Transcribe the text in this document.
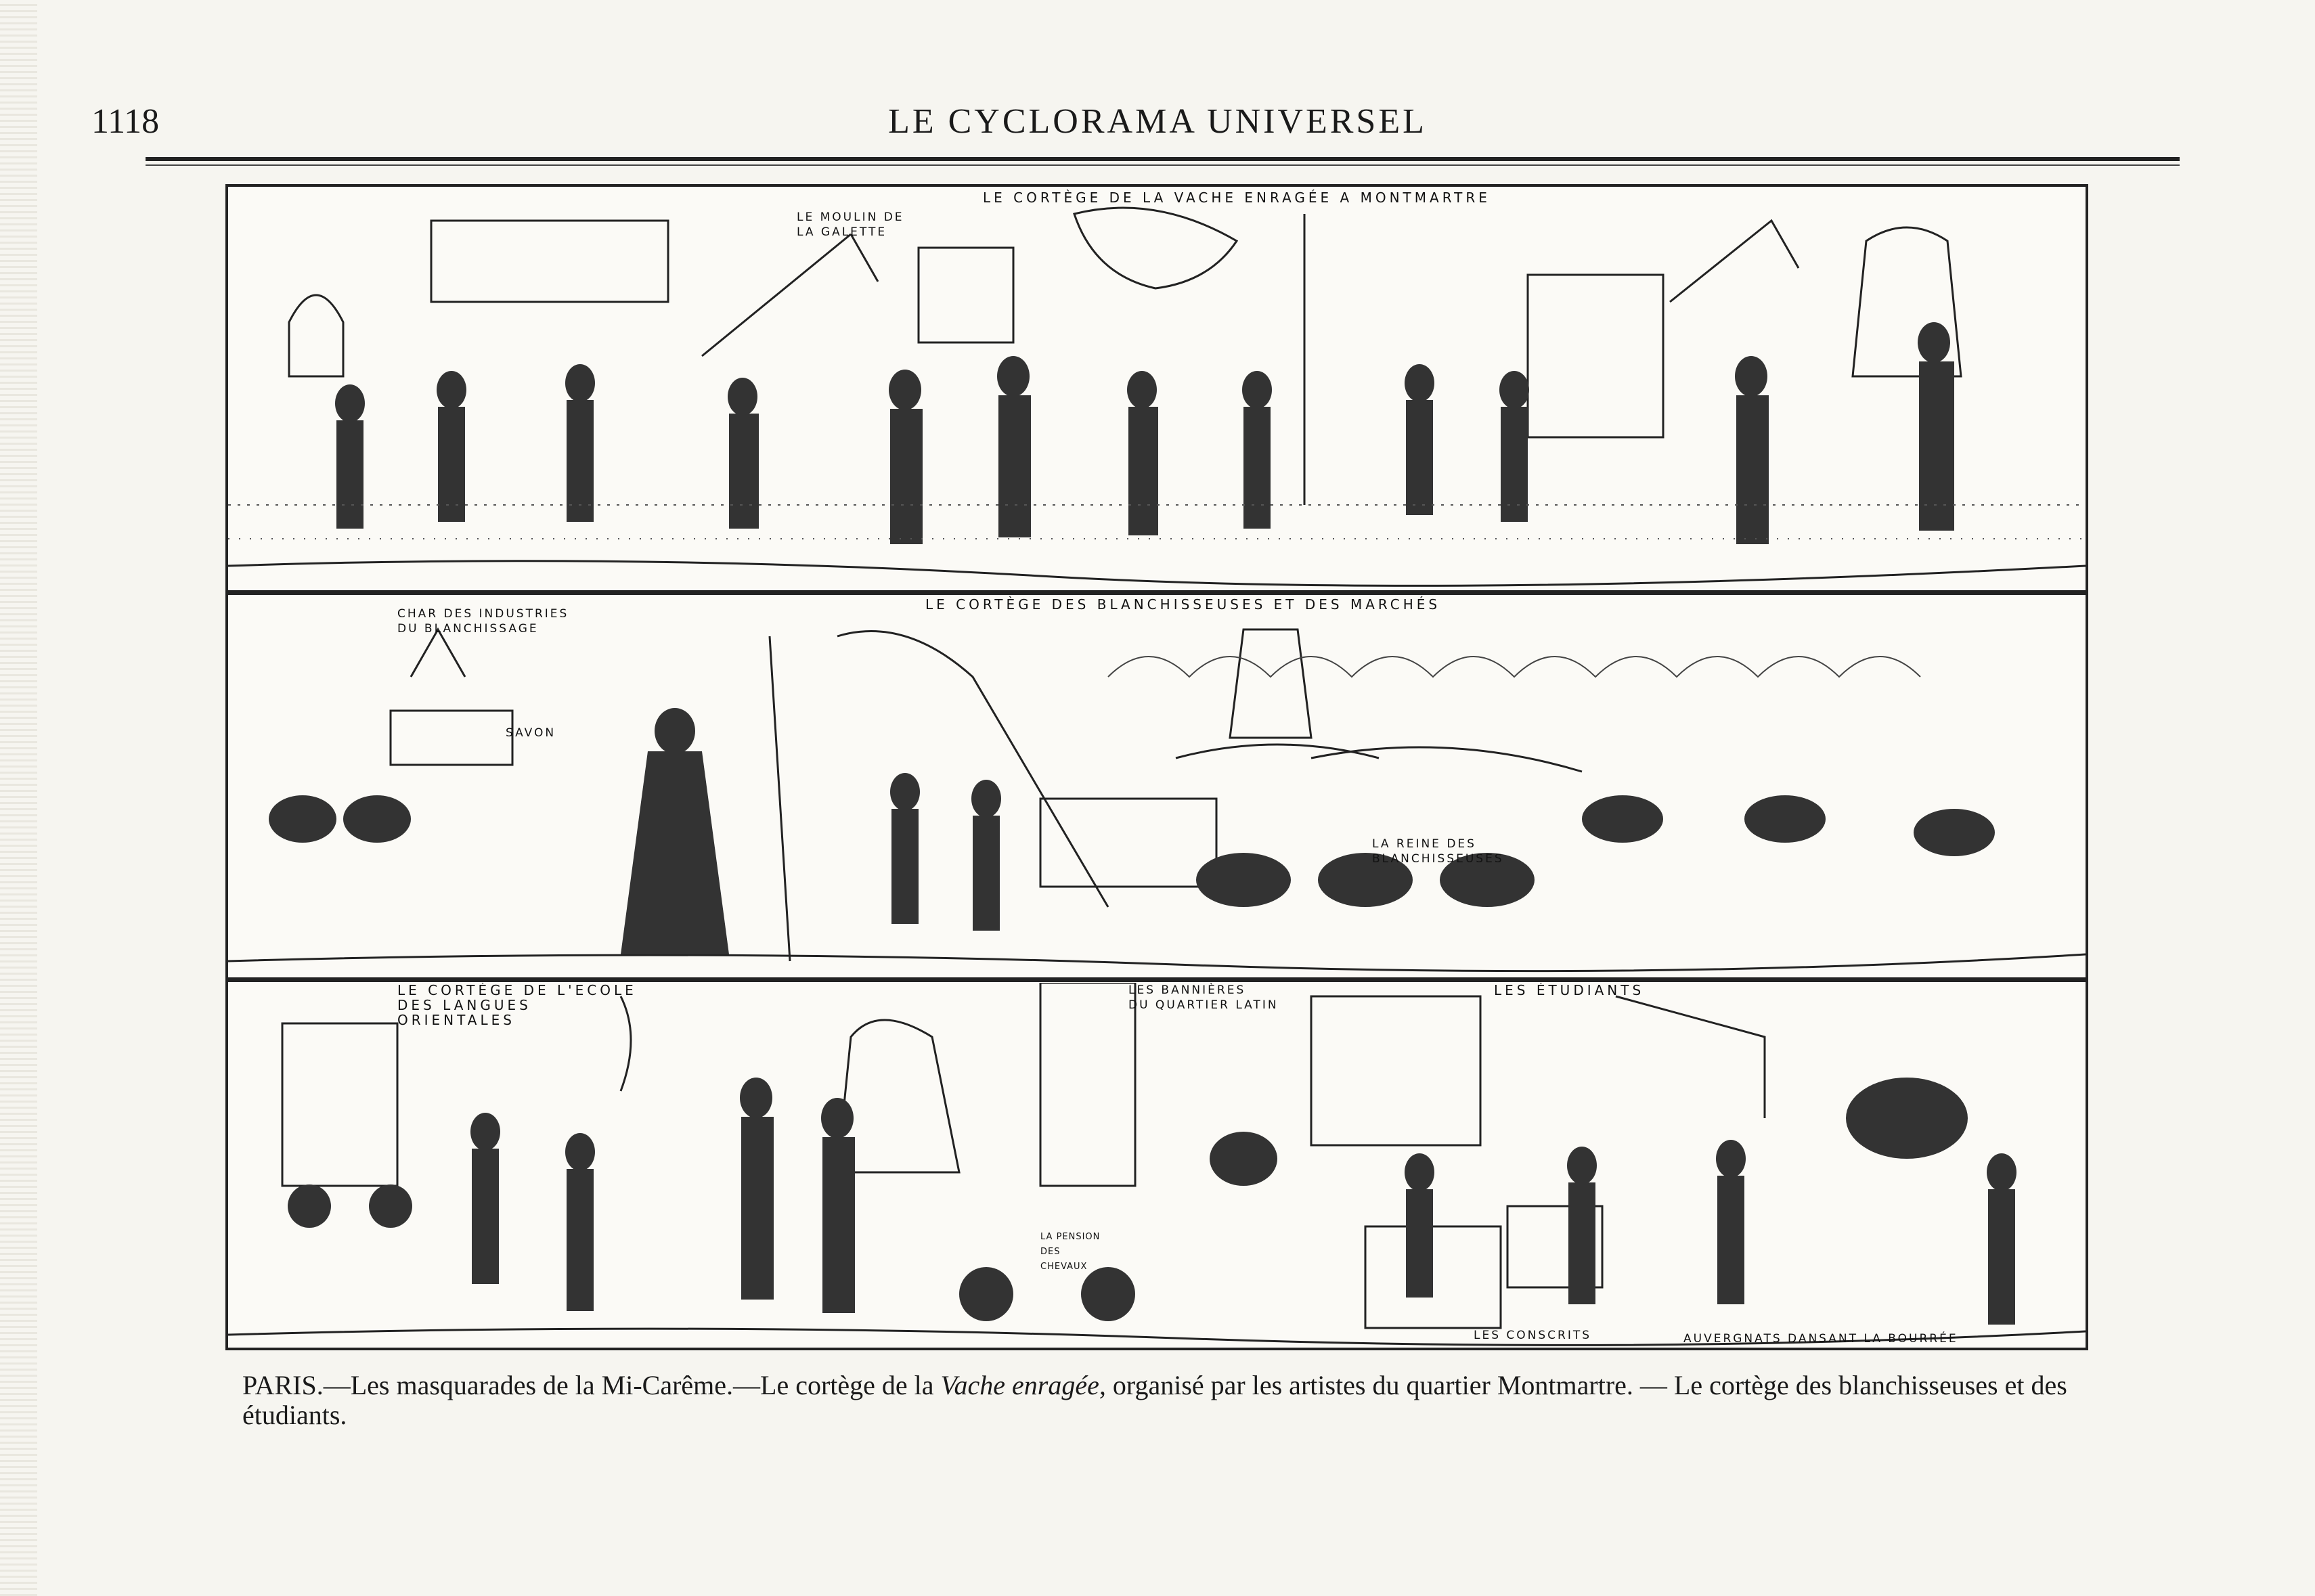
1118	LE CYCLORAMA UNIVERSEL
LE CORTÈGE DE LA VACHE ENRAGÉE A MONTMARTRE
LE MOULIN DE
LA GALETTE
LE CORTÈGE DES BLANCHISSEUSES ET DES MARCHÉS
CHAR DES INDUSTRIES
DU BLANCHISSAGE
SAVON
LA REINE DES
BLANCHISSEUSES
LE CORTÈGE DE L'ECOLE
DES LANGUES
ORIENTALES
LES ÉTUDIANTS
LES BANNIÈRES
DU QUARTIER LATIN
LA PENSION
DES
CHEVAUX
LES CONSCRITS	AUVERGNATS DANSANT LA BOURRÉE
PARIS.—Les masquarades de la Mi-Carême.—Le cortège de la Vache enragée, organisé par les artistes du quartier Montmartre. — Le cortège des blanchisseuses et des étudiants.
